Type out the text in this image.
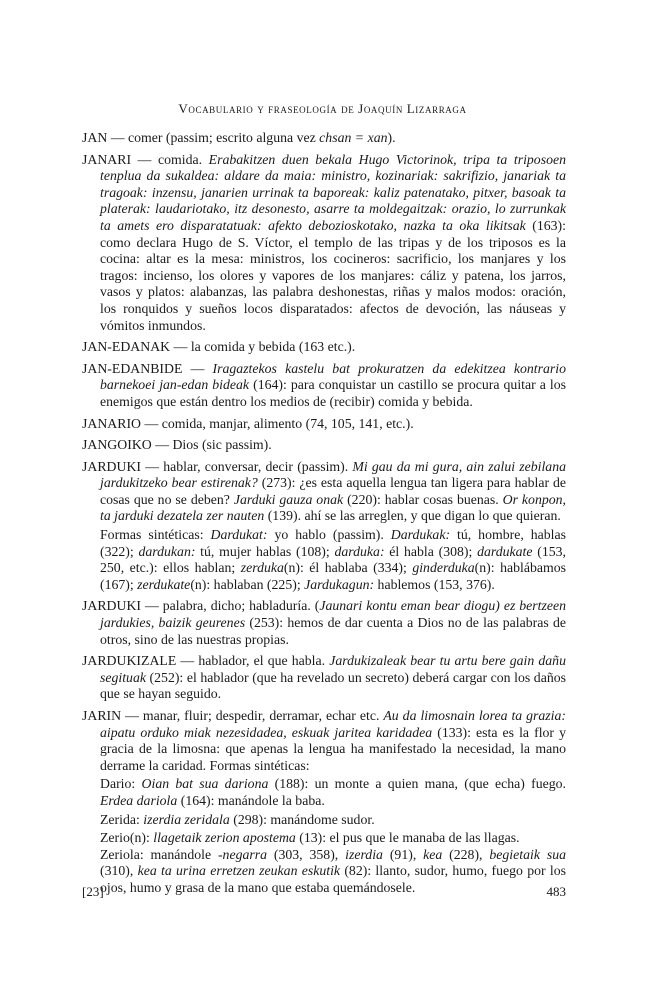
Vocabulario y fraseología de Joaquín Lizarraga

JAN — comer (passim; escrito alguna vez chsan = xan).

JANARI — comida. Erabakitzen duen bekala Hugo Victorinok, tripa ta triposoen tenplua da sukaldea: aldare da maia: ministro, kozinariak: sakrifizio, janariak ta tragoak: inzensu, janarien urrinak ta baporeak: kaliz patenatako, pitxer, basoak ta platerak: laudariotako, itz desonesto, asarre ta moldegaitzak: orazio, lo zurrunkak ta amets ero disparatatuak: afekto debozioskotako, nazka ta oka likitsak (163): como declara Hugo de S. Víctor, el templo de las tripas y de los triposos es la cocina: altar es la mesa: ministros, los cocineros: sacrificio, los manjares y los tragos: incienso, los olores y vapores de los manjares: cáliz y patena, los jarros, vasos y platos: alabanzas, las palabra deshonestas, riñas y malos modos: oración, los ronquidos y sueños locos disparatados: afectos de devoción, las náuseas y vómitos inmundos.

JAN-EDANAK — la comida y bebida (163 etc.).

JAN-EDANBIDE — Iragaztekos kastelu bat prokuratzen da edekitzea kontrario barnekoei jan-edan bideak (164): para conquistar un castillo se procura quitar a los enemigos que están dentro los medios de (recibir) comida y bebida.

JANARIO — comida, manjar, alimento (74, 105, 141, etc.).

JANGOIKO — Dios (sic passim).

JARDUKI — hablar, conversar, decir (passim). Mi gau da mi gura, ain zalui zebilana jardukitzeko bear estirenak? (273): ¿es esta aquella lengua tan ligera para hablar de cosas que no se deben? Jarduki gauza onak (220): hablar cosas buenas. Or konpon, ta jarduki dezatela zer nauten (139). ahí se las arreglen, y que digan lo que quieran.

Formas sintéticas: Dardukat: yo hablo (passim). Dardukak: tú, hombre, hablas (322); dardukan: tú, mujer hablas (108); darduka: él habla (308); dardukate (153, 250, etc.): ellos hablan; zerduka(n): él hablaba (334); ginderduka(n): hablábamos (167); zerdukate(n): hablaban (225); Jardukagun: hablemos (153, 376).

JARDUKI — palabra, dicho; habladuría. (Jaunari kontu eman bear diogu) ez bertzeen jardukies, baizik geurenes (253): hemos de dar cuenta a Dios no de las palabras de otros, sino de las nuestras propias.

JARDUKIZALE — hablador, el que habla. Jardukizaleak bear tu artu bere gain dañu segituak (252): el hablador (que ha revelado un secreto) deberá cargar con los daños que se hayan seguido.

JARIN — manar, fluir; despedir, derramar, echar etc. Au da limosnain lorea ta grazia: aipatu orduko miak nezesidadea, eskuak jaritea karidadea (133): esta es la flor y gracia de la limosna: que apenas la lengua ha manifestado la necesidad, la mano derrame la caridad. Formas sintéticas:

Dario: Oian bat sua dariona (188): un monte a quien mana, (que echa) fuego. Erdea dariola (164): manándole la baba.

Zerida: izerdia zeridala (298): manándome sudor.

Zerio(n): llagetaik zerion apostema (13): el pus que le manaba de las llagas.
Zeriola: manándole -negarra (303, 358), izerdia (91), kea (228), begietaik sua (310), kea ta urina erretzen zeukan eskutik (82): llanto, sudor, humo, fuego por los ojos, humo y grasa de la mano que estaba quemándosele.

[23]	483
